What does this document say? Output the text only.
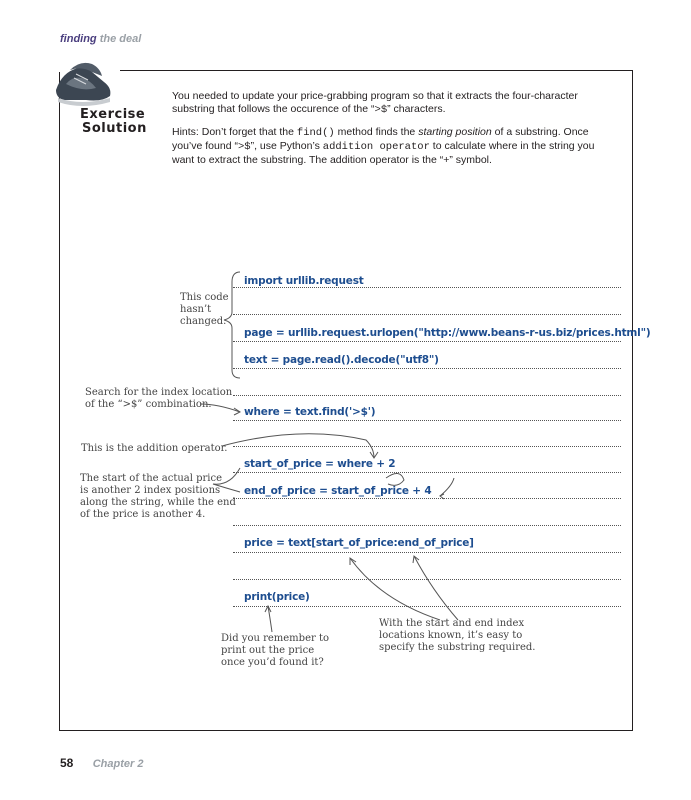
finding the deal
Exercise
Solution

You needed to update your price-grabbing program so that it extracts the four-character substring that follows the occurence of the “>$” characters.

Hints: Don’t forget that the find() method finds the starting position of a substring. Once you’ve found “>$”, use Python’s addition operator to calculate where in the string you want to extract the substring. The addition operator is the “+” symbol.

import urllib.request
page = urllib.request.urlopen("http://www.beans-r-us.biz/prices.html")
text = page.read().decode("utf8")
where = text.find('>$')
start_of_price = where + 2
end_of_price = start_of_price + 4
price = text[start_of_price:end_of_price]
print(price)
This code
hasn’t
changed.
Search for the index location
of the “>$” combination.
This is the addition operator.
The start of the actual price
is another 2 index positions
along the string, while the end
of the price is another 4.
Did you remember to
print out the price
once you’d found it?
With the start and end index
locations known, it’s easy to
specify the substring required.
58 Chapter 2
